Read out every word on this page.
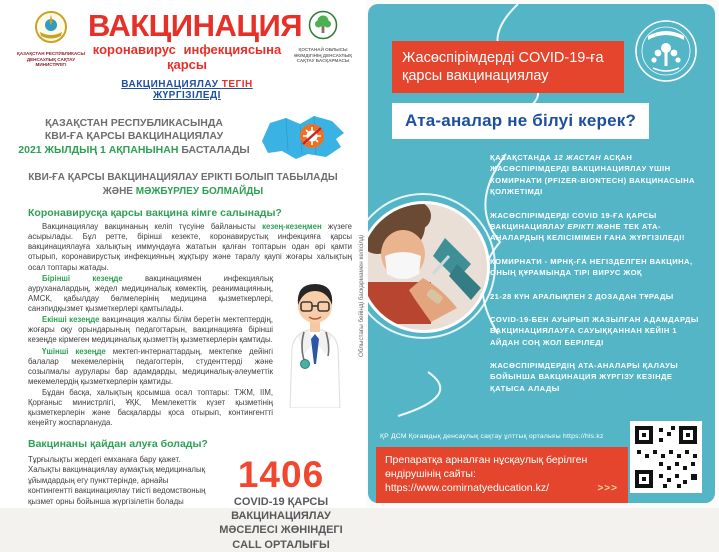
ҚАЗАҚСТАН РЕСПУБЛИКАСЫ ДЕНСАУЛЫҚ САҚТАУ МИНИСТРЛІГІ
ВАКЦИНАЦИЯ
коронавирус инфекциясына қарсы
ВАКЦИНАЦИЯЛАУ ТЕГІН ЖҮРГІЗІЛЕДІ
ҚОСТАНАЙ ОБЛЫСЫ ӘКІМДІГІНІҢ ДЕНСАУЛЫҚ САҚТАУ БАСҚАРМАСЫ
ҚАЗАҚСТАН РЕСПУБЛИКАСЫНДА
КВИ-ҒА ҚАРСЫ ВАКЦИНАЦИЯЛАУ
2021 ЖЫЛДЫҢ 1 АҚПАНЫНАН БАСТАЛАДЫ
КВИ-ҒА ҚАРСЫ ВАКЦИНАЦИЯЛАУ ЕРІКТІ БОЛЫП ТАБЫЛАДЫ ЖӘНЕ МӘЖБҮРЛЕУ БОЛМАЙДЫ
Коронавирусқа қарсы вакцина кімге салынады?

Вакцинациялау вакцинаның келіп түсуіне байланысты кезең-кезеңмен жүзеге асырылады. Бұл ретте, бірінші кезекте, коронавирустық инфекцияға қарсы вакцинациялауға халықтың иммундауға жататын қалған топтарын одан әрі қамти отырып, коронавирустық инфекцияның жұқтыру және таралу қаупі жоғары халықтың осал топтары жатады.

Бірінші кезеңде вакцинациямен инфекциялық ауруханалардың, жедел медициналық көмектің, реанимацияның, АМСК, қабылдау бөлмелерінің медицина қызметкерлері, санэпидқызмет қызметкерлері қамтылады.

Екінші кезеңде вакцинация жалпы білім беретін мектептердің, жоғары оқу орындарының педагогтарын, вакцинацияға бірінші кезеңде кірмеген медициналық қызметтің қызметкерлерін қамтиды.

Үшінші кезеңде мектеп-интернаттардың, мектепке дейінгі балалар мекемелерінің педагогтерін, студенттерді және созылмалы аурулары бар адамдарды, медициналық-әлеуметтік мекемелердің қызметкерлерін қамтиды.

Бұдан басқа, халықтың қосымша осал топтары: ТЖМ, ІІМ, Қорғаныс министрлігі, ҰҚК, Мемлекеттік күзет қызметінің қызметкерлерін және басқаларды қоса отырып, контингентті кеңейту жоспарлануда.

Вакцинаны қайдан алуға болады?
Тұрғылықты жердегі емханаға бару қажет. Халықты вакцинациялау аумақтық медициналық ұйымдардың егу пункттерінде, арнайы контингентті вакцинациялау тиісті ведомствоның қызмет орны бойынша жүргізілетін болады
1406
COVID-19 ҚАРСЫ ВАКЦИНАЦИЯЛАУ МӘСЕЛЕСІ ЖӨНІНДЕГІ CALL ОРТАЛЫҒЫ
Облыстағы бейінді басқармамен келісілді
Жасөспірімдерді COVID-19-ға қарсы вакцинациялау
Ата-аналар не білуі керек?
ҚАЗАҚСТАНДА 12 ЖАСТАН АСҚАН ЖАСӨСПІРІМДЕРДІ ВАКЦИНАЦИЯЛАУ ҮШІН КОМИРНАТИ (PFIZER-BIONTECH) ВАКЦИНАСЫНА ҚОЛЖЕТІМДІ
ЖАСӨСПІРІМДЕРДІ COVID 19-ҒА ҚАРСЫ ВАКЦИНАЦИЯЛАУ ЕРІКТІ ЖӘНЕ ТЕК АТА-АНАЛАРДЫҢ КЕЛІСІМІМЕН ҒАНА ЖҮРГІЗІЛЕДІ!
КОМИРНАТИ - МРНҚ-ҒА НЕГІЗДЕЛГЕН ВАКЦИНА, ОНЫҢ ҚҰРАМЫНДА ТІРІ ВИРУС ЖОҚ
21-28 КҮН АРАЛЫҚПЕН 2 ДОЗАДАН ТҰРАДЫ
COVID-19-БЕН АУЫРЫП ЖАЗЫЛҒАН АДАМДАРДЫ ВАКЦИНАЦИЯЛАУҒА САУЫҚҚАННАН КЕЙІН 1 АЙДАН СОҢ ЖОЛ БЕРІЛЕДІ
ЖАСӨСПІРІМДЕРДІҢ АТА-АНАЛАРЫ ҚАЛАУЫ БОЙЫНША ВАКЦИНАЦИЯ ЖҮРГІЗУ КЕЗІНДЕ ҚАТЫСА АЛАДЫ
ҚР ДСМ Қоғамдық денсаулық сақтау ұлттық орталығы https://hls.kz
Препаратқа арналған нұсқаулық берілген өндірушінің сайты:
https://www.comirnatyeducation.kz/	>>>
